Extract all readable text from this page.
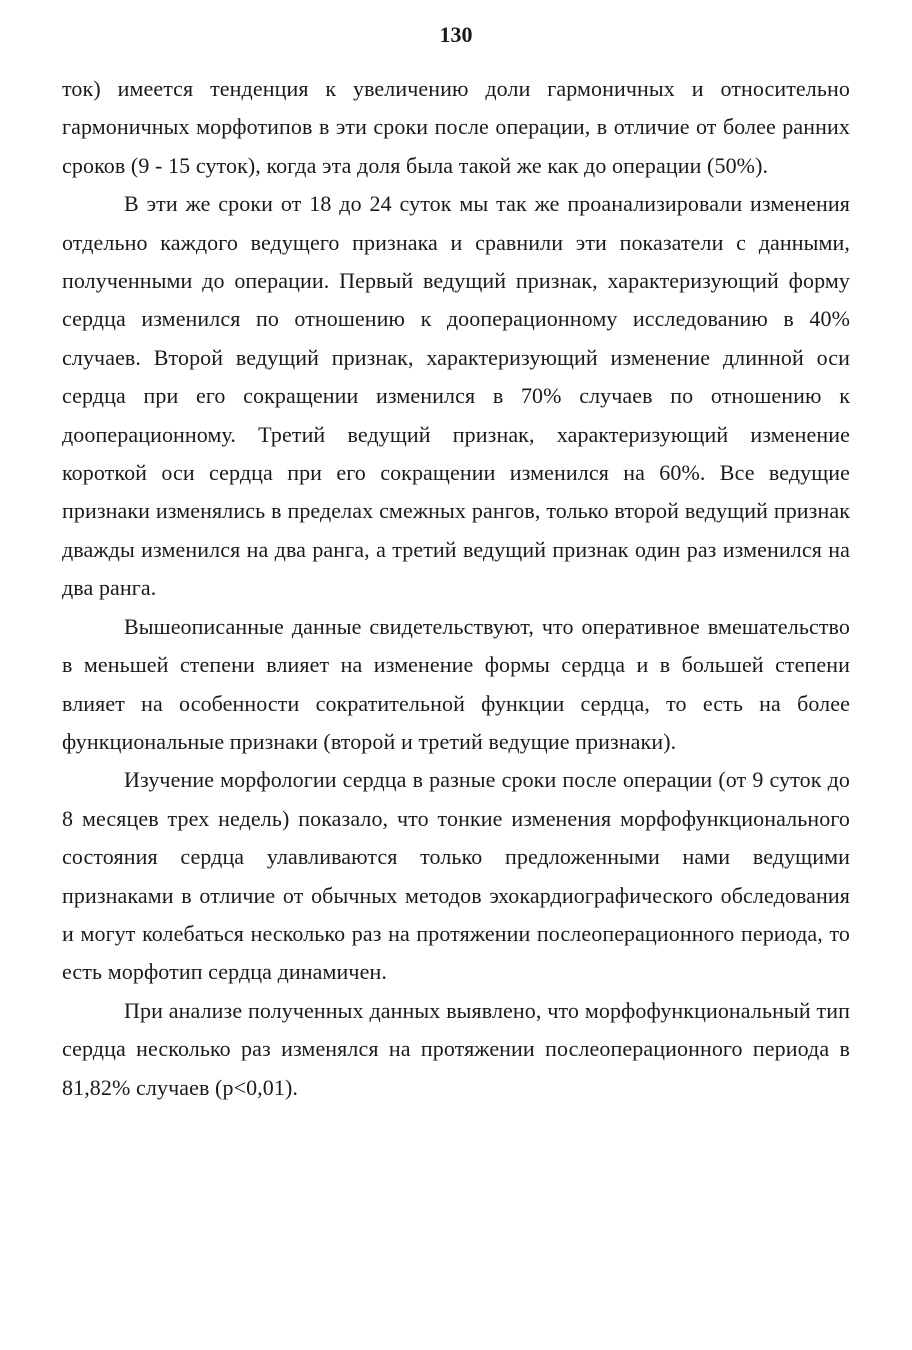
130

ток) имеется тенденция к увеличению доли гармоничных и относительно гармоничных морфотипов в эти сроки после операции, в отличие от более ранних сроков (9 - 15 суток), когда эта доля была такой же как до операции (50%).

В эти же сроки от 18 до 24 суток мы так же проанализировали изменения отдельно каждого ведущего признака и сравнили эти показатели с данными, полученными до операции. Первый ведущий признак, характеризующий форму сердца изменился по отношению к дооперационному исследованию в 40% случаев. Второй ведущий признак, характеризующий изменение длинной оси сердца при его сокращении изменился в 70% случаев по отношению к дооперационному. Третий ведущий признак, характеризующий изменение короткой оси сердца при его сокращении изменился на 60%. Все ведущие признаки изменялись в пределах смежных рангов, только второй ведущий признак дважды изменился на два ранга, а третий ведущий признак один раз изменился на два ранга.

Вышеописанные данные свидетельствуют, что оперативное вмешательство в меньшей степени влияет на изменение формы сердца и в большей степени влияет на особенности сократительной функции сердца, то есть на более функциональные признаки (второй и третий ведущие признаки).

Изучение морфологии сердца в разные сроки после операции (от 9 суток до 8 месяцев трех недель) показало, что тонкие изменения морфофункционального состояния сердца улавливаются только предложенными нами ведущими признаками в отличие от обычных методов эхокардиографического обследования и могут колебаться несколько раз на протяжении послеоперационного периода, то есть морфотип сердца динамичен.

При анализе полученных данных выявлено, что морфофункциональный тип сердца несколько раз изменялся на протяжении послеоперационного периода в 81,82% случаев (p<0,01).
